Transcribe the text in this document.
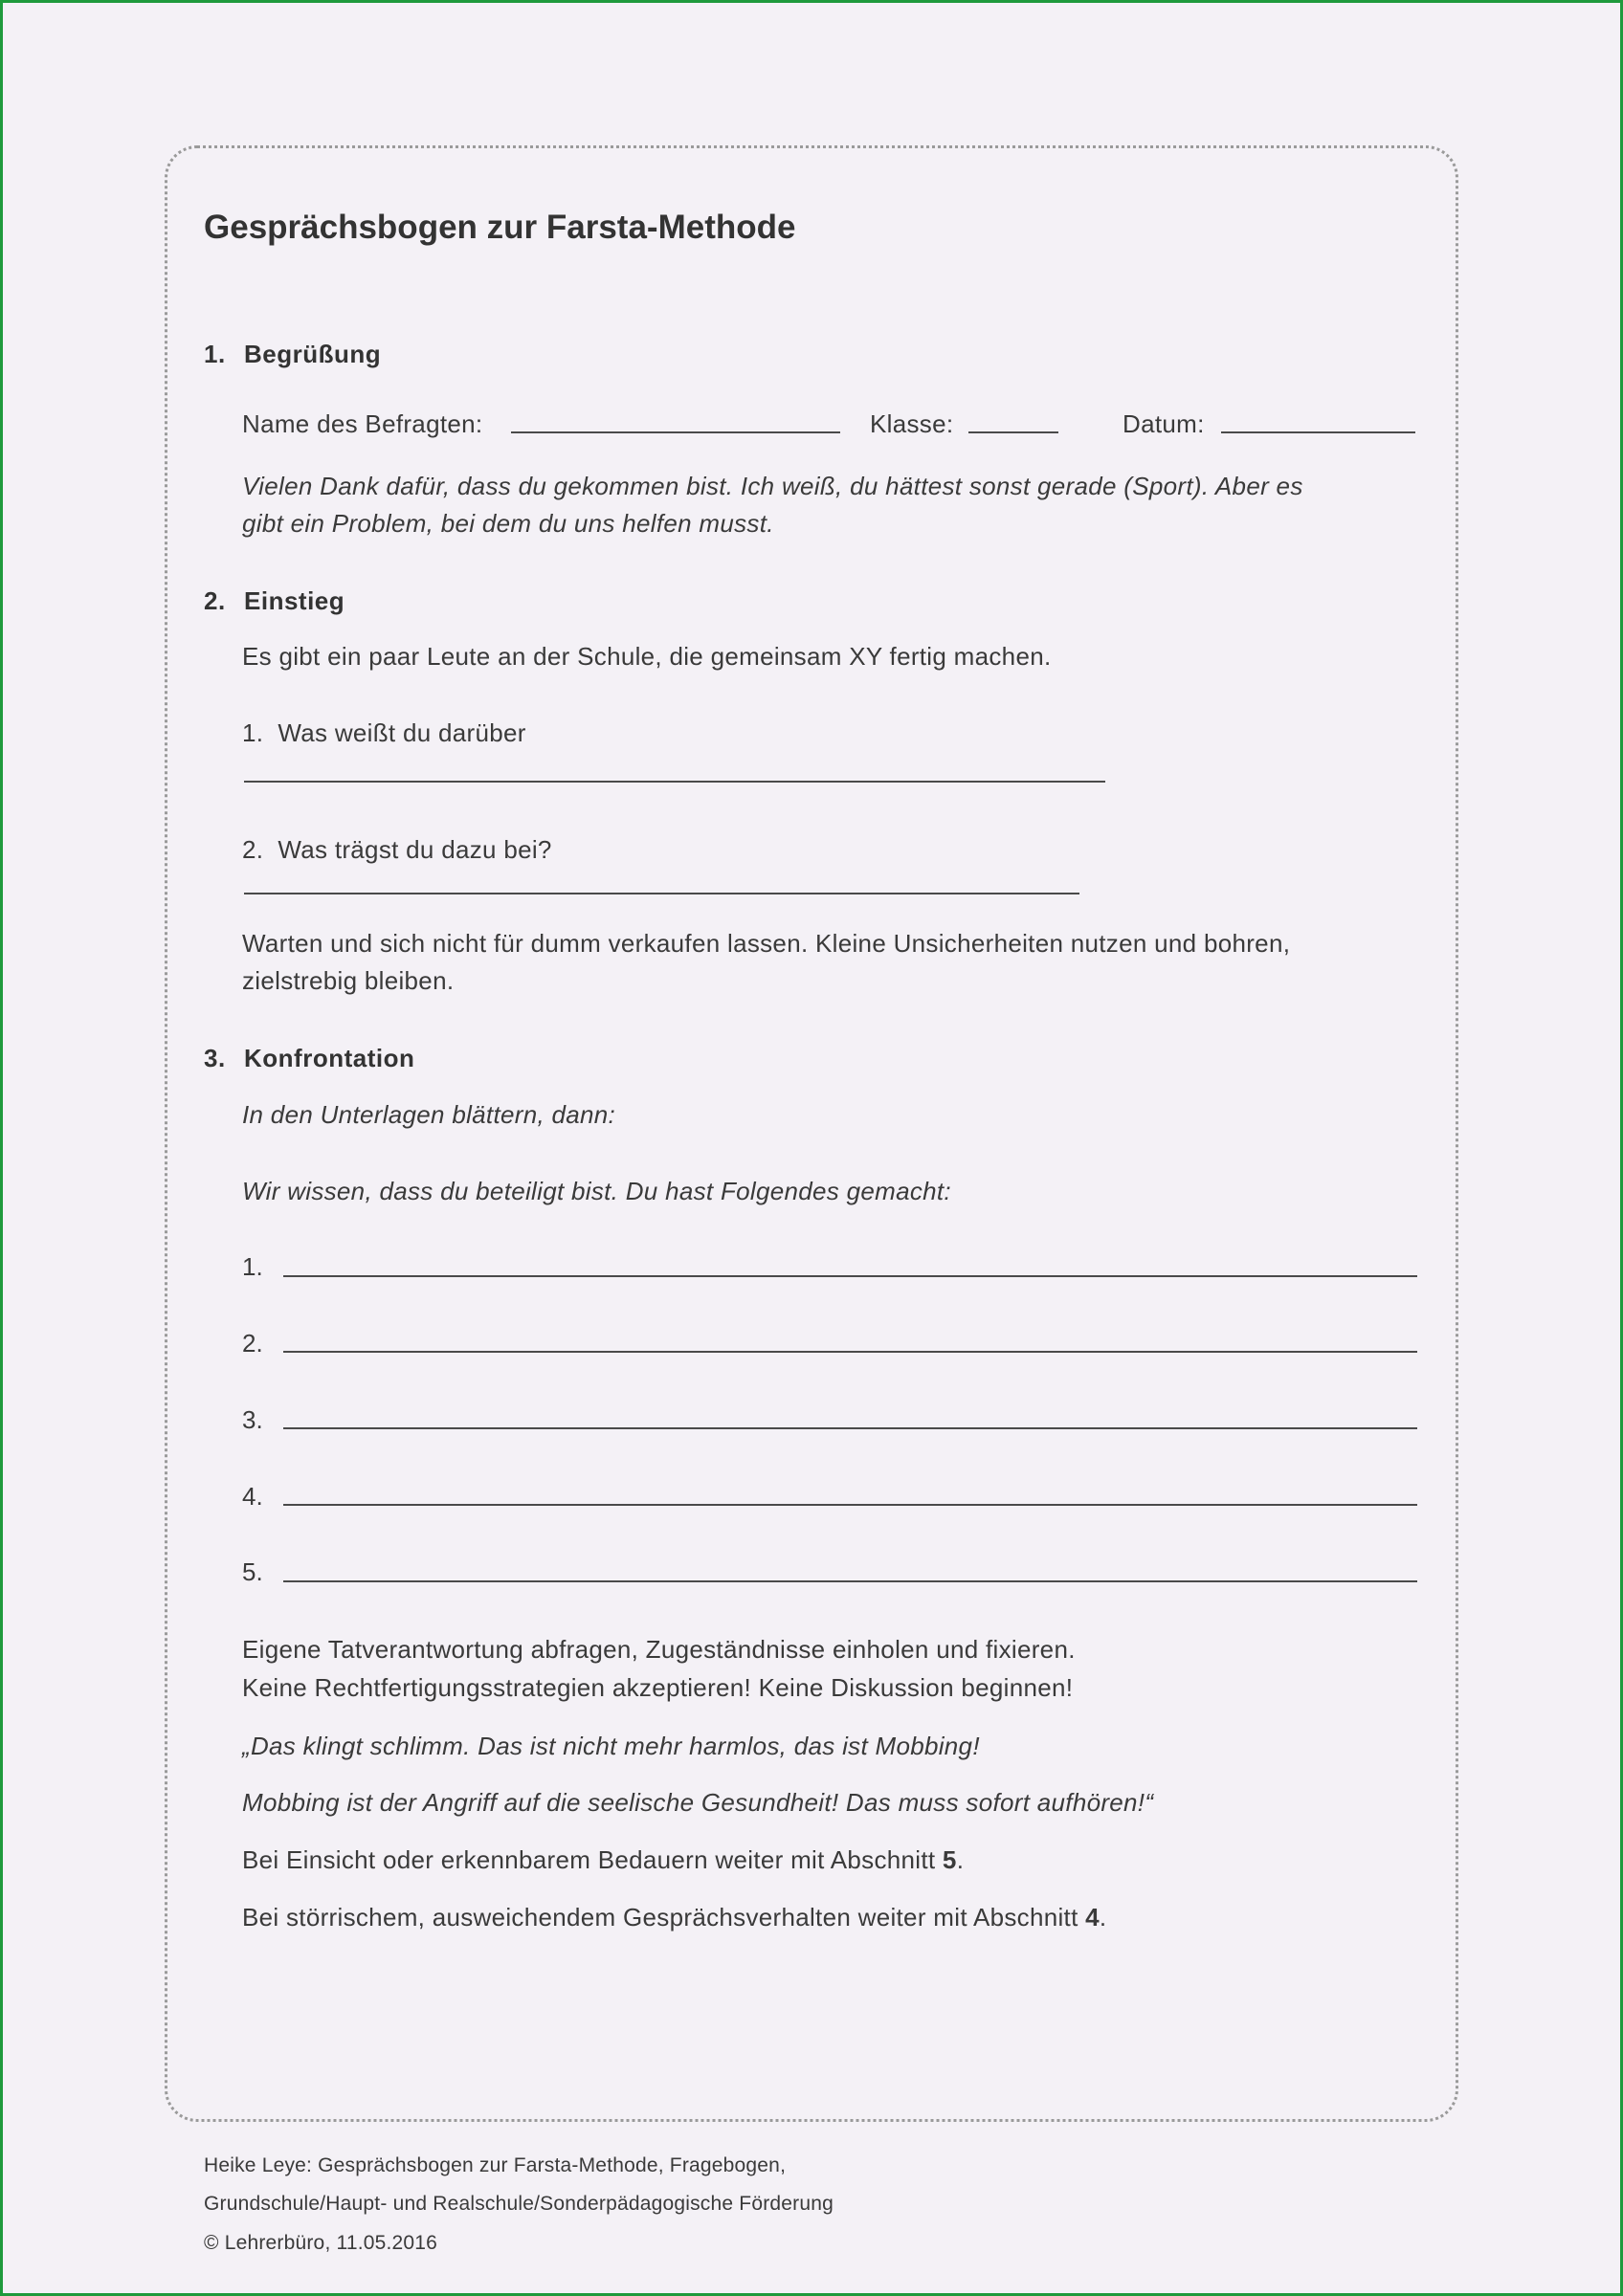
Gesprächsbogen zur Farsta-Methode
1. Begrüßung
Name des Befragten:	Klasse:	Datum:
Vielen Dank dafür, dass du gekommen bist. Ich weiß, du hättest sonst gerade (Sport). Aber es
gibt ein Problem, bei dem du uns helfen musst.
2. Einstieg
Es gibt ein paar Leute an der Schule, die gemeinsam XY fertig machen.
1. Was weißt du darüber
2. Was trägst du dazu bei?
Warten und sich nicht für dumm verkaufen lassen. Kleine Unsicherheiten nutzen und bohren,
zielstrebig bleiben.
3. Konfrontation
In den Unterlagen blättern, dann:
Wir wissen, dass du beteiligt bist. Du hast Folgendes gemacht:
1.
2.
3.
4.
5.
Eigene Tatverantwortung abfragen, Zugeständnisse einholen und fixieren.
Keine Rechtfertigungsstrategien akzeptieren! Keine Diskussion beginnen!
„Das klingt schlimm. Das ist nicht mehr harmlos, das ist Mobbing!
Mobbing ist der Angriff auf die seelische Gesundheit! Das muss sofort aufhören!“
Bei Einsicht oder erkennbarem Bedauern weiter mit Abschnitt 5.
Bei störrischem, ausweichendem Gesprächsverhalten weiter mit Abschnitt 4.
Heike Leye: Gesprächsbogen zur Farsta-Methode, Fragebogen,
Grundschule/Haupt- und Realschule/Sonderpädagogische Förderung
© Lehrerbüro, 11.05.2016
